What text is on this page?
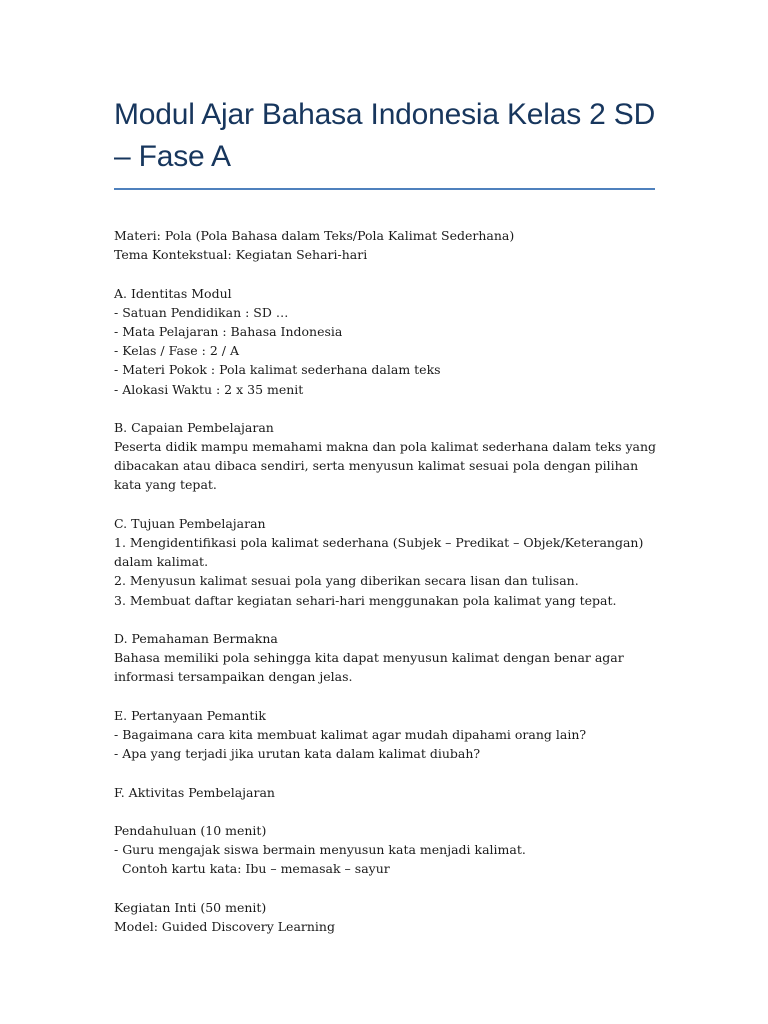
Modul Ajar Bahasa Indonesia Kelas 2 SD – Fase A
Materi: Pola (Pola Bahasa dalam Teks/Pola Kalimat Sederhana)
Tema Kontekstual: Kegiatan Sehari-hari
A. Identitas Modul
- Satuan Pendidikan : SD …
- Mata Pelajaran : Bahasa Indonesia
- Kelas / Fase : 2 / A
- Materi Pokok : Pola kalimat sederhana dalam teks
- Alokasi Waktu : 2 x 35 menit
B. Capaian Pembelajaran
Peserta didik mampu memahami makna dan pola kalimat sederhana dalam teks yang dibacakan atau dibaca sendiri, serta menyusun kalimat sesuai pola dengan pilihan kata yang tepat.
C. Tujuan Pembelajaran
1. Mengidentifikasi pola kalimat sederhana (Subjek – Predikat – Objek/Keterangan) dalam kalimat.
2. Menyusun kalimat sesuai pola yang diberikan secara lisan dan tulisan.
3. Membuat daftar kegiatan sehari-hari menggunakan pola kalimat yang tepat.
D. Pemahaman Bermakna
Bahasa memiliki pola sehingga kita dapat menyusun kalimat dengan benar agar informasi tersampaikan dengan jelas.
E. Pertanyaan Pemantik
- Bagaimana cara kita membuat kalimat agar mudah dipahami orang lain?
- Apa yang terjadi jika urutan kata dalam kalimat diubah?
F. Aktivitas Pembelajaran
Pendahuluan (10 menit)
- Guru mengajak siswa bermain menyusun kata menjadi kalimat.
Contoh kartu kata: Ibu – memasak – sayur
Kegiatan Inti (50 menit)
Model: Guided Discovery Learning
